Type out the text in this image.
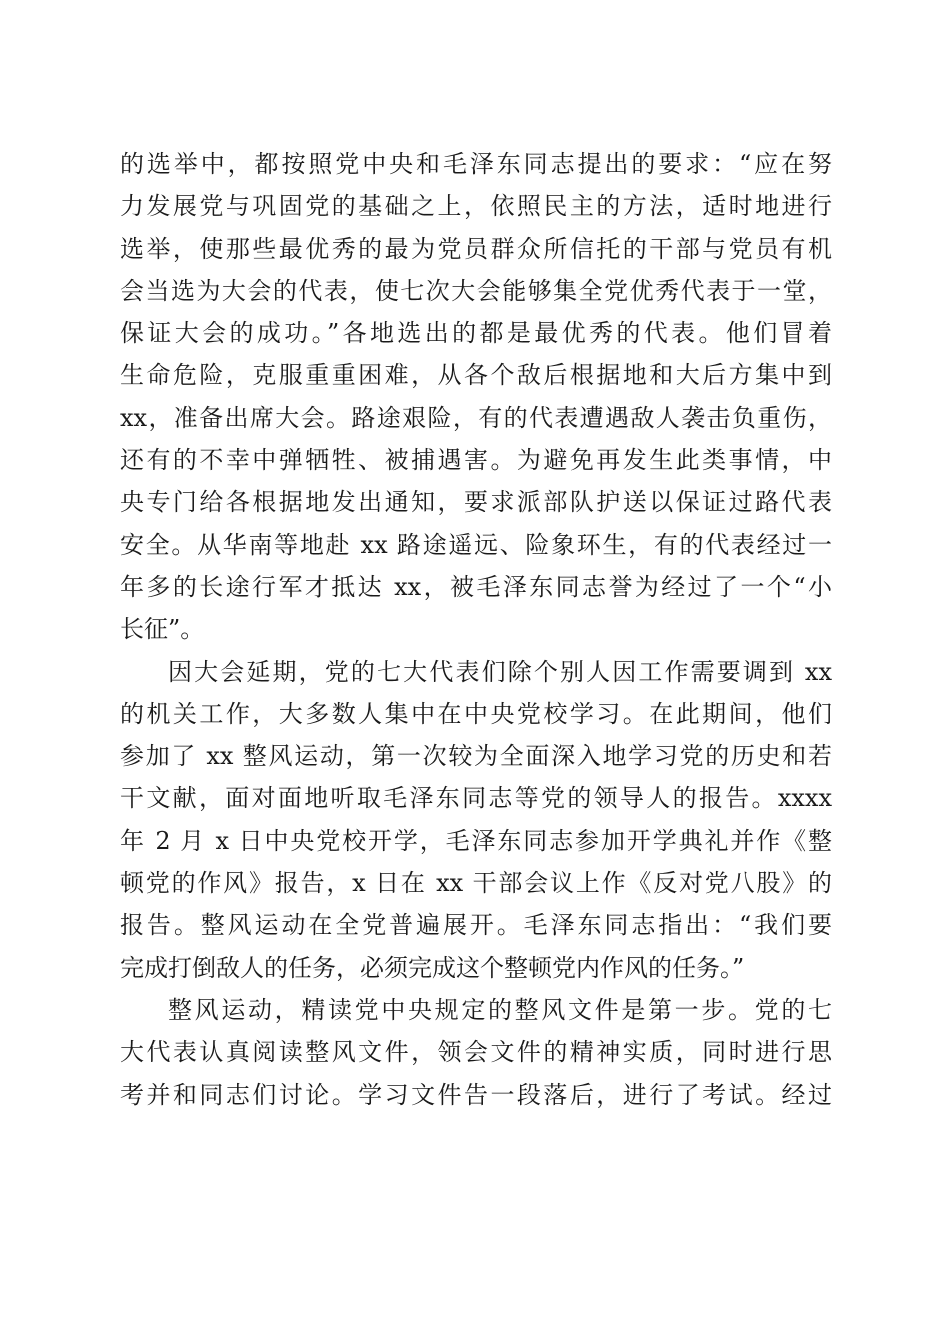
的选举中，都按照党中央和毛泽东同志提出的要求：“应在努
力发展党与巩固党的基础之上，依照民主的方法，适时地进行
选举，使那些最优秀的最为党员群众所信托的干部与党员有机
会当选为大会的代表，使七次大会能够集全党优秀代表于一堂，
保证大会的成功。”各地选出的都是最优秀的代表。他们冒着
生命危险，克服重重困难，从各个敌后根据地和大后方集中到
xx，准备出席大会。路途艰险，有的代表遭遇敌人袭击负重伤，
还有的不幸中弹牺牲、被捕遇害。为避免再发生此类事情，中
央专门给各根据地发出通知，要求派部队护送以保证过路代表
安全。从华南等地赴 xx 路途遥远、险象环生，有的代表经过一
年多的长途行军才抵达 xx，被毛泽东同志誉为经过了一个“小
长征”。
因大会延期，党的七大代表们除个别人因工作需要调到 xx
的机关工作，大多数人集中在中央党校学习。在此期间，他们
参加了 xx 整风运动，第一次较为全面深入地学习党的历史和若
干文献，面对面地听取毛泽东同志等党的领导人的报告。xxxx
年 2 月 x 日中央党校开学，毛泽东同志参加开学典礼并作《整
顿党的作风》报告，x 日在 xx 干部会议上作《反对党八股》的
报告。整风运动在全党普遍展开。毛泽东同志指出：“我们要
完成打倒敌人的任务，必须完成这个整顿党内作风的任务。”
整风运动，精读党中央规定的整风文件是第一步。党的七
大代表认真阅读整风文件，领会文件的精神实质，同时进行思
考并和同志们讨论。学习文件告一段落后，进行了考试。经过
